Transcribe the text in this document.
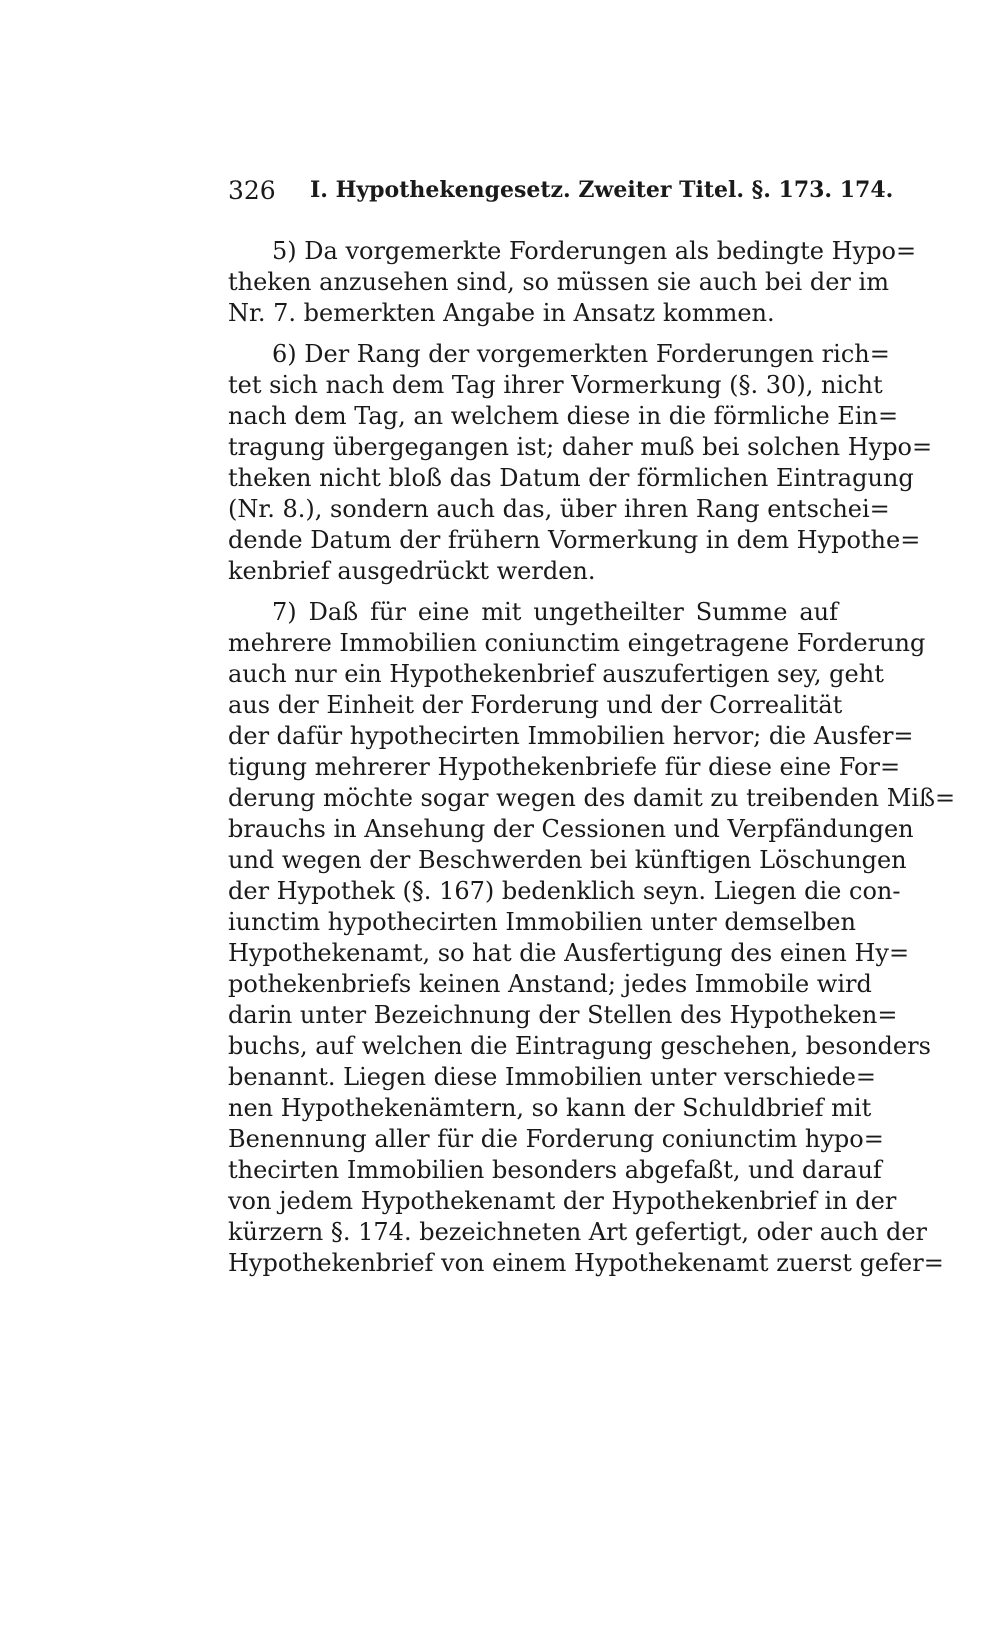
326 I. Hypothekengesetz. Zweiter Titel. §. 173. 174.
5) Da vorgemerkte Forderungen als bedingte Hypo=
theken anzusehen sind, so müssen sie auch bei der im
Nr. 7. bemerkten Angabe in Ansatz kommen.
6) Der Rang der vorgemerkten Forderungen rich=
tet sich nach dem Tag ihrer Vormerkung (§. 30), nicht
nach dem Tag, an welchem diese in die förmliche Ein=
tragung übergegangen ist; daher muß bei solchen Hypo=
theken nicht bloß das Datum der förmlichen Eintragung
(Nr. 8.), sondern auch das, über ihren Rang entschei=
dende Datum der frühern Vormerkung in dem Hypothe=
kenbrief ausgedrückt werden.
7) Daß für eine mit ungetheilter Summe auf
mehrere Immobilien coniunctim eingetragene Forderung
auch nur ein Hypothekenbrief auszufertigen sey, geht
aus der Einheit der Forderung und der Correalität
der dafür hypothecirten Immobilien hervor; die Ausfer=
tigung mehrerer Hypothekenbriefe für diese eine For=
derung möchte sogar wegen des damit zu treibenden Miß=
brauchs in Ansehung der Cessionen und Verpfändungen
und wegen der Beschwerden bei künftigen Löschungen
der Hypothek (§. 167) bedenklich seyn. Liegen die con-
iunctim hypothecirten Immobilien unter demselben
Hypothekenamt, so hat die Ausfertigung des einen Hy=
pothekenbriefs keinen Anstand; jedes Immobile wird
darin unter Bezeichnung der Stellen des Hypotheken=
buchs, auf welchen die Eintragung geschehen, besonders
benannt. Liegen diese Immobilien unter verschiede=
nen Hypothekenämtern, so kann der Schuldbrief mit
Benennung aller für die Forderung coniunctim hypo=
thecirten Immobilien besonders abgefaßt, und darauf
von jedem Hypothekenamt der Hypothekenbrief in der
kürzern §. 174. bezeichneten Art gefertigt, oder auch der
Hypothekenbrief von einem Hypothekenamt zuerst gefer=
